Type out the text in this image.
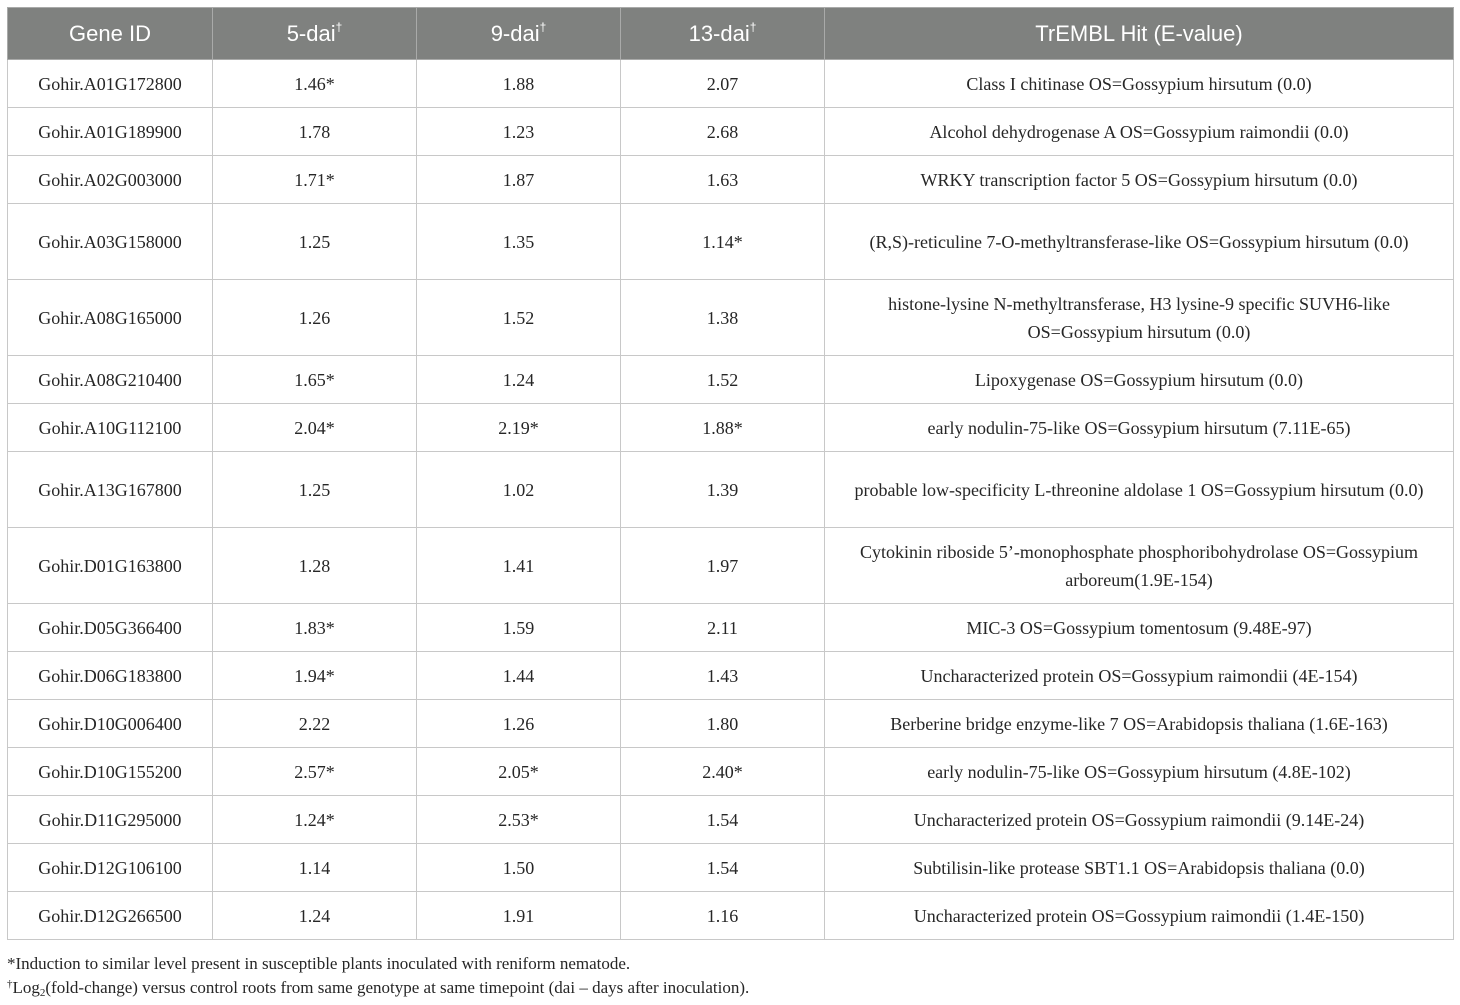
Gene ID	5-dai†	9-dai†	13-dai†	TrEMBL Hit (E-value)
Gohir.A01G172800	1.46*	1.88	2.07	Class I chitinase OS=Gossypium hirsutum (0.0)
Gohir.A01G189900	1.78	1.23	2.68	Alcohol dehydrogenase A OS=Gossypium raimondii (0.0)
Gohir.A02G003000	1.71*	1.87	1.63	WRKY transcription factor 5 OS=Gossypium hirsutum (0.0)
Gohir.A03G158000	1.25	1.35	1.14*	(R,S)-reticuline 7-O-methyltransferase-like OS=Gossypium hirsutum (0.0)
Gohir.A08G165000	1.26	1.52	1.38	histone-lysine N-methyltransferase, H3 lysine-9 specific SUVH6-like OS=Gossypium hirsutum (0.0)
Gohir.A08G210400	1.65*	1.24	1.52	Lipoxygenase OS=Gossypium hirsutum (0.0)
Gohir.A10G112100	2.04*	2.19*	1.88*	early nodulin-75-like OS=Gossypium hirsutum (7.11E-65)
Gohir.A13G167800	1.25	1.02	1.39	probable low-specificity L-threonine aldolase 1 OS=Gossypium hirsutum (0.0)
Gohir.D01G163800	1.28	1.41	1.97	Cytokinin riboside 5’-monophosphate phosphoribohydrolase OS=Gossypium arboreum(1.9E-154)
Gohir.D05G366400	1.83*	1.59	2.11	MIC-3 OS=Gossypium tomentosum (9.48E-97)
Gohir.D06G183800	1.94*	1.44	1.43	Uncharacterized protein OS=Gossypium raimondii (4E-154)
Gohir.D10G006400	2.22	1.26	1.80	Berberine bridge enzyme-like 7 OS=Arabidopsis thaliana (1.6E-163)
Gohir.D10G155200	2.57*	2.05*	2.40*	early nodulin-75-like OS=Gossypium hirsutum (4.8E-102)
Gohir.D11G295000	1.24*	2.53*	1.54	Uncharacterized protein OS=Gossypium raimondii (9.14E-24)
Gohir.D12G106100	1.14	1.50	1.54	Subtilisin-like protease SBT1.1 OS=Arabidopsis thaliana (0.0)
Gohir.D12G266500	1.24	1.91	1.16	Uncharacterized protein OS=Gossypium raimondii (1.4E-150)

*Induction to similar level present in susceptible plants inoculated with reniform nematode.

†Log$_2$(fold-change) versus control roots from same genotype at same timepoint (dai – days after inoculation).
